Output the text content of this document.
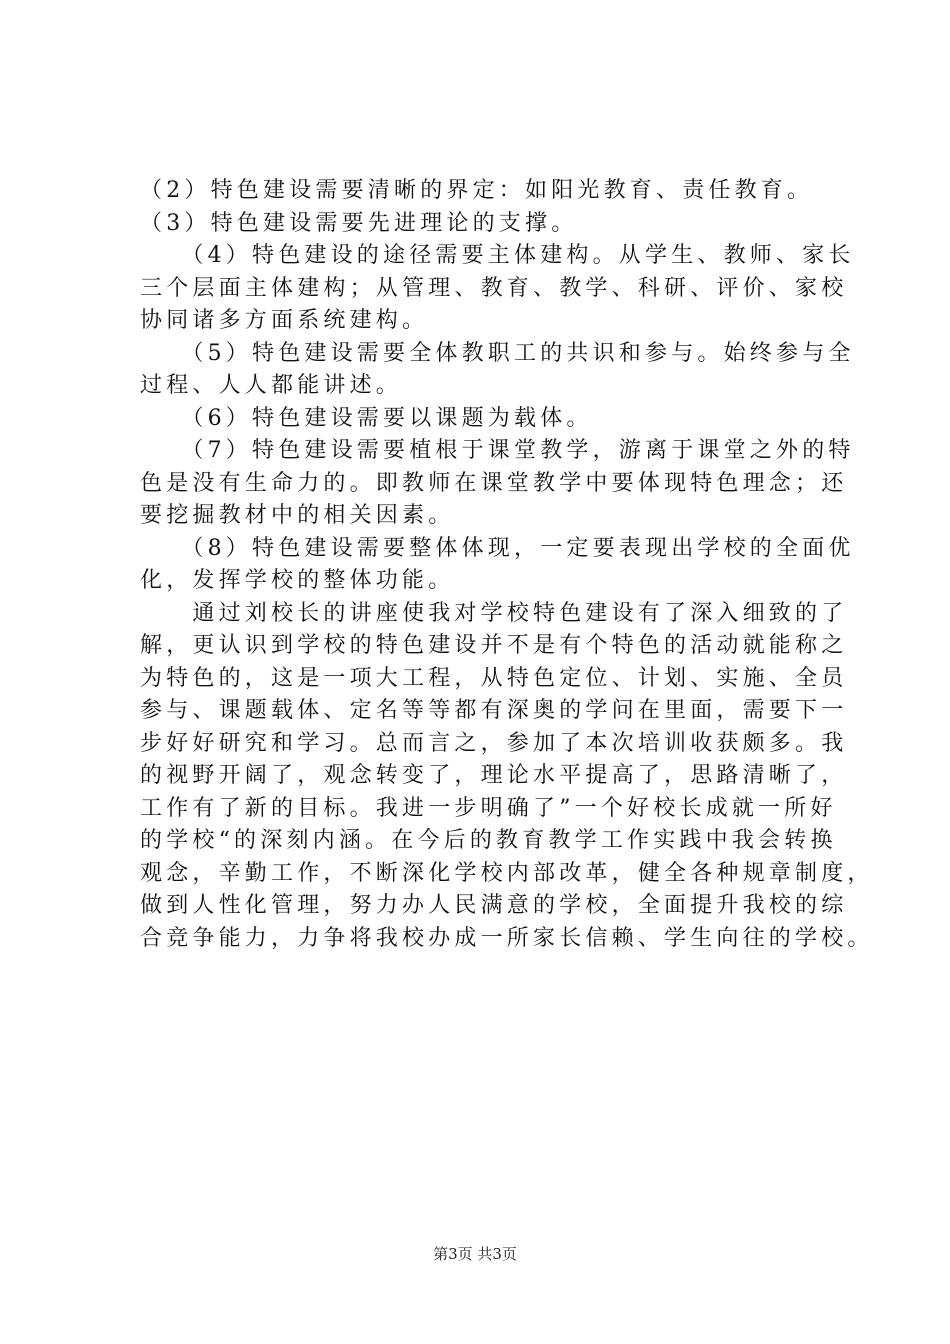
（2）特色建设需要清晰的界定：如阳光教育、责任教育。

（3）特色建设需要先进理论的支撑。

　　（4）特色建设的途径需要主体建构。从学生、教师、家长

三个层面主体建构；从管理、教育、教学、科研、评价、家校

协同诸多方面系统建构。

　　（5）特色建设需要全体教职工的共识和参与。始终参与全

过程、人人都能讲述。

　　（6）特色建设需要以课题为载体。

　　（7）特色建设需要植根于课堂教学，游离于课堂之外的特

色是没有生命力的。即教师在课堂教学中要体现特色理念；还

要挖掘教材中的相关因素。

　　（8）特色建设需要整体体现，一定要表现出学校的全面优

化，发挥学校的整体功能。

　　通过刘校长的讲座使我对学校特色建设有了深入细致的了

解，更认识到学校的特色建设并不是有个特色的活动就能称之

为特色的，这是一项大工程，从特色定位、计划、实施、全员

参与、课题载体、定名等等都有深奥的学问在里面，需要下一

步好好研究和学习。总而言之，参加了本次培训收获颇多。我

的视野开阔了，观念转变了，理论水平提高了，思路清晰了，

工作有了新的目标。我进一步明确了”一个好校长成就一所好

的学校“的深刻内涵。在今后的教育教学工作实践中我会转换

观念，辛勤工作，不断深化学校内部改革，健全各种规章制度，

做到人性化管理，努力办人民满意的学校，全面提升我校的综

合竞争能力，力争将我校办成一所家长信赖、学生向往的学校。

第3页 共3页
